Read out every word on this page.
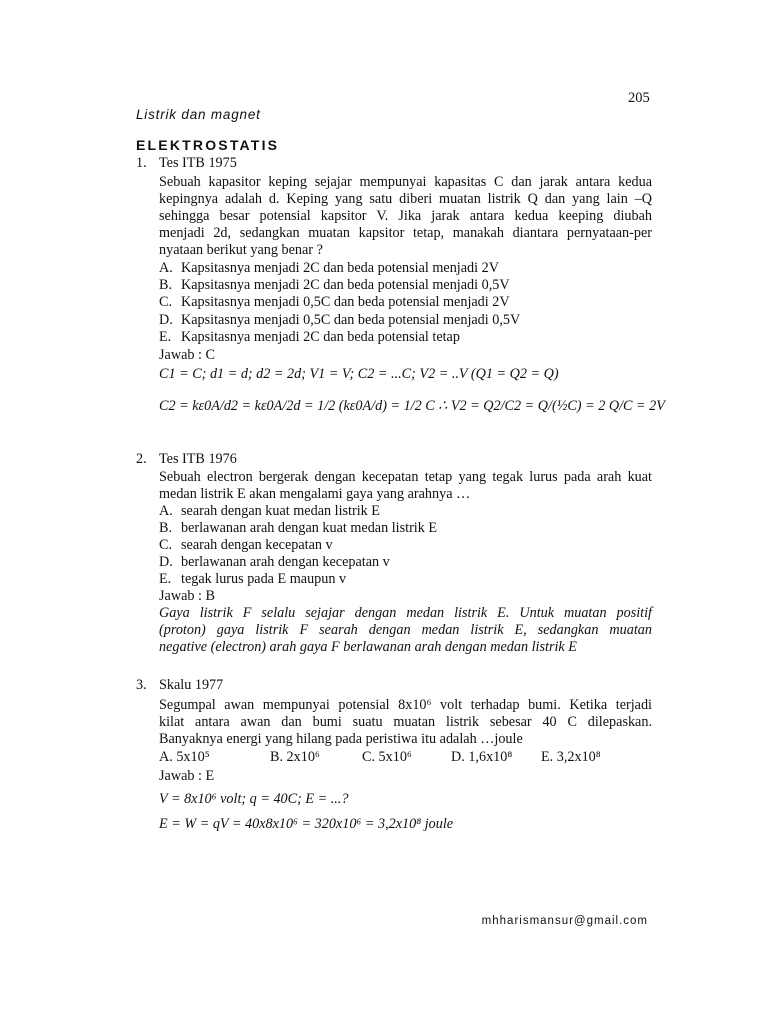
205
Listrik dan magnet
ELEKTROSTATIS
1. Tes ITB 1975
Sebuah kapasitor keping sejajar mempunyai kapasitas C dan jarak antara kedua
kepingnya adalah d. Keping yang satu diberi muatan listrik Q dan yang lain –Q
sehingga besar potensial kapsitor V. Jika jarak antara kedua keeping diubah
menjadi 2d, sedangkan muatan kapsitor tetap, manakah diantara pernyataan-per
nyataan berikut yang benar ?
A. Kapsitasnya menjadi 2C dan beda potensial menjadi 2V
B. Kapsitasnya menjadi 2C dan beda potensial menjadi 0,5V
C. Kapsitasnya menjadi 0,5C dan beda potensial menjadi 2V
D. Kapsitasnya menjadi 0,5C dan beda potensial menjadi 0,5V
E. Kapsitasnya menjadi 2C dan beda potensial tetap
Jawab : C
C1 = C; d1 = d; d2 = 2d; V1 = V; C2 = ...C; V2 = ..V (Q1 = Q2 = Q)
C2 = kε0A/d2 = kε0A/2d = 1/2 (kε0A/d) = 1/2 C ∴ V2 = Q2/C2 = Q/(½C) = 2 Q/C = 2V
2. Tes ITB 1976
Sebuah electron bergerak dengan kecepatan tetap yang tegak lurus pada arah kuat
medan listrik E akan mengalami gaya yang arahnya …
A. searah dengan kuat medan listrik E
B. berlawanan arah dengan kuat medan listrik E
C. searah dengan kecepatan v
D. berlawanan arah dengan kecepatan v
E. tegak lurus pada E maupun v
Jawab : B
Gaya listrik F selalu sejajar dengan medan listrik E. Untuk muatan positif
(proton) gaya listrik F searah dengan medan listrik E, sedangkan muatan
negative (electron) arah gaya F berlawanan arah dengan medan listrik E
3. Skalu 1977
Segumpal awan mempunyai potensial 8x10⁶ volt terhadap bumi. Ketika terjadi
kilat antara awan dan bumi suatu muatan listrik sebesar 40 C dilepaskan.
Banyaknya energi yang hilang pada peristiwa itu adalah …joule
A. 5x10⁵	B. 2x10⁶	C. 5x10⁶	D. 1,6x10⁸ E. 3,2x10⁸
Jawab : E
V = 8x10⁶ volt; q = 40C; E = ...?
E = W = qV = 40x8x10⁶ = 320x10⁶ = 3,2x10⁸ joule
mhharismansur@gmail.com
